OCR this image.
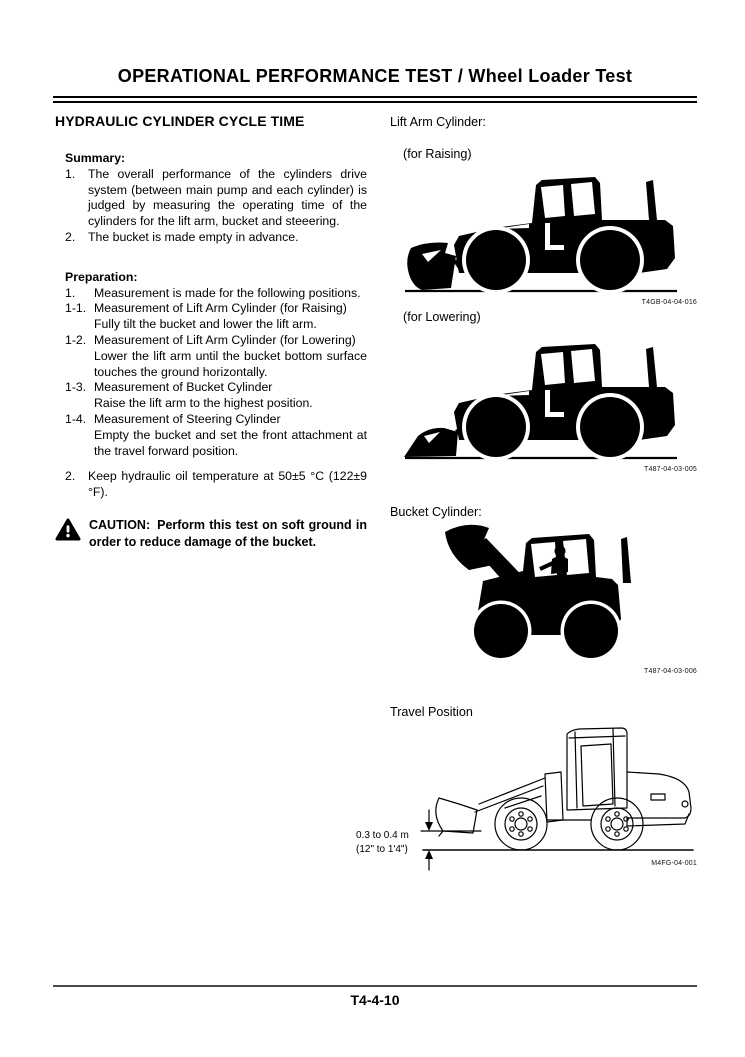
OPERATIONAL PERFORMANCE TEST / Wheel Loader Test
HYDRAULIC CYLINDER CYCLE TIME
Summary:
1.	The overall performance of the cylinders drive system (between main pump and each cylinder) is judged by measuring the operating time of the cylinders for the lift arm, bucket and steeering.
2.	The bucket is made empty in advance.
Preparation:
1.	Measurement is made for the following positions.
1-1. Measurement of Lift Arm Cylinder (for Raising)
Fully tilt the bucket and lower the lift arm.
1-2. Measurement of Lift Arm Cylinder (for Lowering)
Lower the lift arm until the bucket bottom surface touches the ground horizontally.
1-3. Measurement of Bucket Cylinder
Raise the lift arm to the highest position.
1-4. Measurement of Steering Cylinder
Empty the bucket and set the front attachment at the travel forward position.
2.	Keep hydraulic oil temperature at 50±5 °C (122±9 °F).

CAUTION: Perform this test on soft ground in order to reduce damage of the bucket.

Lift Arm Cylinder:
(for Raising)
T4GB-04-04-016
(for Lowering)
T487-04-03-005
Bucket Cylinder:
T487-04-03-006
Travel Position
0.3 to 0.4 m
(12" to 1'4")
M4FG-04-001
T4-4-10
